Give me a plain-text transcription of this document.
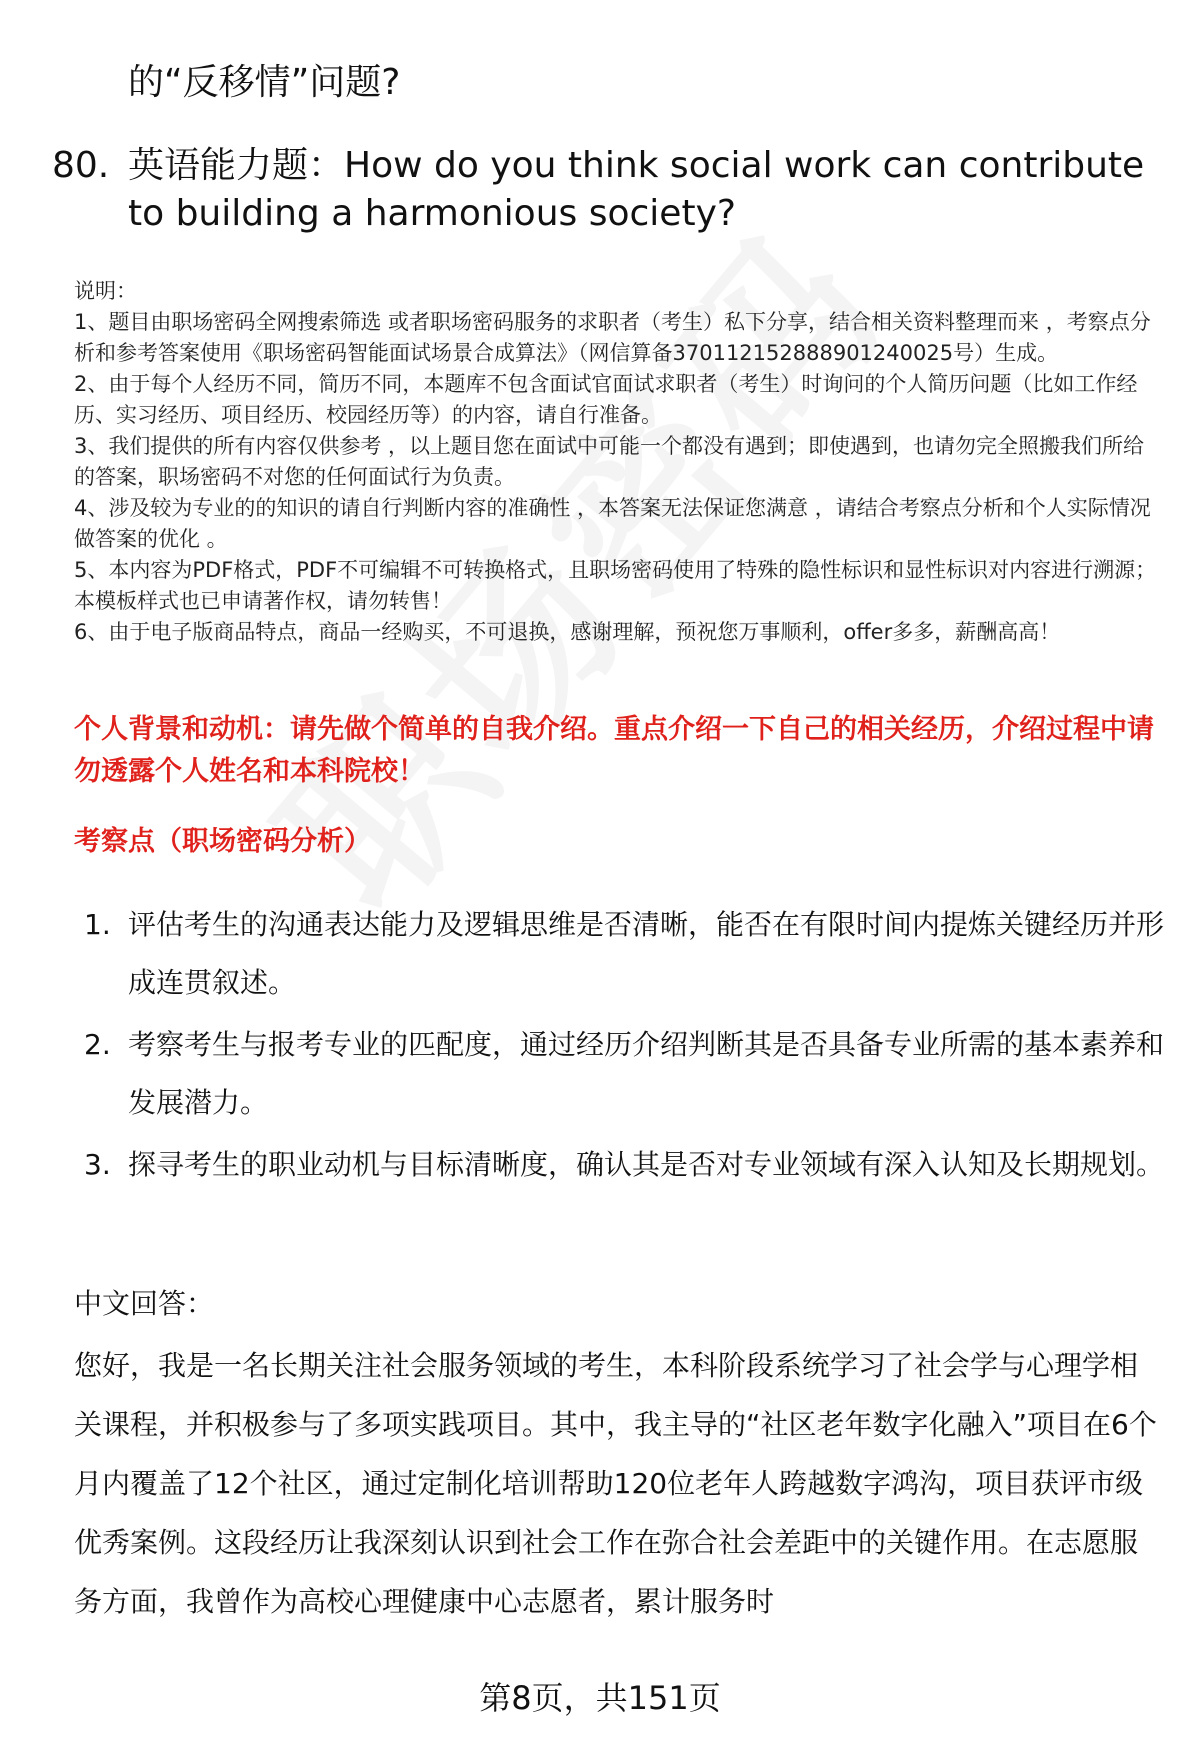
的“反移情”问题?
80. 英语能力题：How do you think social work can contribute to building a harmonious society?
说明：
1、题目由职场密码全网搜索筛选 或者职场密码服务的求职者（考生）私下分享，结合相关资料整理而来 ，考察点分析和参考答案使用《职场密码智能面试场景合成算法》（网信算备370112152888901240025号）生成。
2、由于每个人经历不同，简历不同，本题库不包含面试官面试求职者（考生）时询问的个人简历问题（比如工作经历、实习经历、项目经历、校园经历等）的内容，请自行准备。
3、我们提供的所有内容仅供参考 ，以上题目您在面试中可能一个都没有遇到；即使遇到，也请勿完全照搬我们所给的答案，职场密码不对您的任何面试行为负责。
4、涉及较为专业的的知识的请自行判断内容的准确性 ，本答案无法保证您满意 ，请结合考察点分析和个人实际情况做答案的优化 。
5、本内容为PDF格式，PDF不可编辑不可转换格式，且职场密码使用了特殊的隐性标识和显性标识对内容进行溯源；本模板样式也已申请著作权，请勿转售！
6、由于电子版商品特点，商品一经购买，不可退换，感谢理解，预祝您万事顺利，offer多多，薪酬高高！
个人背景和动机：请先做个简单的自我介绍。重点介绍一下自己的相关经历，介绍过程中请勿透露个人姓名和本科院校！
考察点（职场密码分析）
1. 评估考生的沟通表达能力及逻辑思维是否清晰，能否在有限时间内提炼关键经历并形成连贯叙述。
2. 考察考生与报考专业的匹配度，通过经历介绍判断其是否具备专业所需的基本素养和发展潜力。
3. 探寻考生的职业动机与目标清晰度，确认其是否对专业领域有深入认知及长期规划。
中文回答：
您好，我是一名长期关注社会服务领域的考生，本科阶段系统学习了社会学与心理学相关课程，并积极参与了多项实践项目。其中，我主导的“社区老年数字化融入”项目在6个月内覆盖了12个社区，通过定制化培训帮助120位老年人跨越数字鸿沟，项目获评市级优秀案例。这段经历让我深刻认识到社会工作在弥合社会差距中的关键作用。在志愿服务方面，我曾作为高校心理健康中心志愿者，累计服务时
第8页，共151页
